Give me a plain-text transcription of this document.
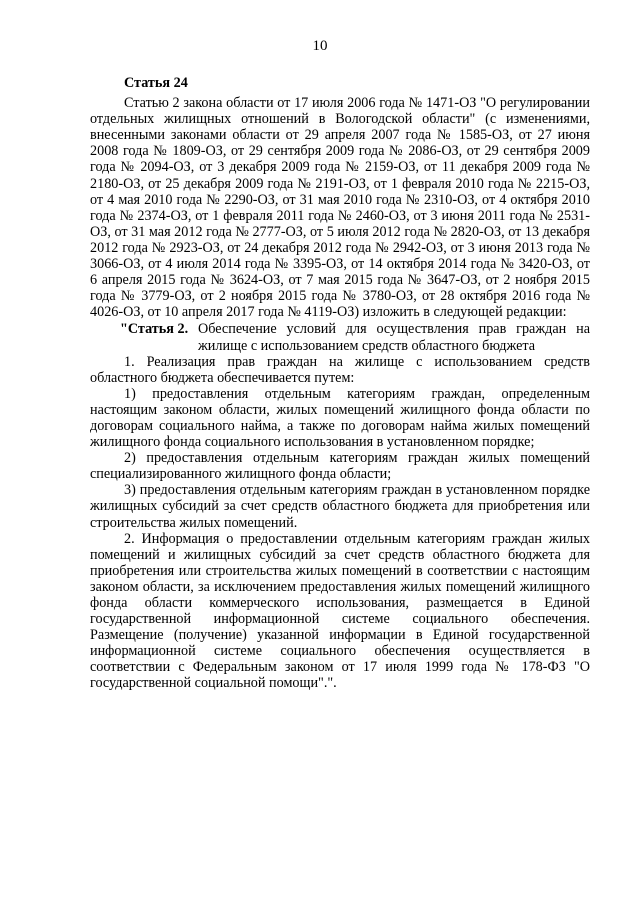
10
Статья 24

Статью 2 закона области от 17 июля 2006 года № 1471-ОЗ "О регулировании отдельных жилищных отношений в Вологодской области" (с изменениями, внесенными законами области от 29 апреля 2007 года № 1585-ОЗ, от 27 июня 2008 года № 1809-ОЗ, от 29 сентября 2009 года № 2086-ОЗ, от 29 сентября 2009 года № 2094-ОЗ, от 3 декабря 2009 года № 2159-ОЗ, от 11 декабря 2009 года № 2180-ОЗ, от 25 декабря 2009 года № 2191-ОЗ, от 1 февраля 2010 года № 2215-ОЗ, от 4 мая 2010 года № 2290-ОЗ, от 31 мая 2010 года № 2310-ОЗ, от 4 октября 2010 года № 2374-ОЗ, от 1 февраля 2011 года № 2460-ОЗ, от 3 июня 2011 года № 2531-ОЗ, от 31 мая 2012 года № 2777-ОЗ, от 5 июля 2012 года № 2820-ОЗ, от 13 декабря 2012 года № 2923-ОЗ, от 24 декабря 2012 года № 2942-ОЗ, от 3 июня 2013 года № 3066-ОЗ, от 4 июля 2014 года № 3395-ОЗ, от 14 октября 2014 года № 3420-ОЗ, от 6 апреля 2015 года № 3624-ОЗ, от 7 мая 2015 года № 3647-ОЗ, от 2 ноября 2015 года № 3779-ОЗ, от 2 ноября 2015 года № 3780-ОЗ, от 28 октября 2016 года № 4026-ОЗ, от 10 апреля 2017 года № 4119-ОЗ) изложить в следующей редакции:

"Статья 2. Обеспечение условий для осуществления прав граждан на жилище с использованием средств областного бюджета

1. Реализация прав граждан на жилище с использованием средств областного бюджета обеспечивается путем:

1) предоставления отдельным категориям граждан, определенным настоящим законом области, жилых помещений жилищного фонда области по договорам социального найма, а также по договорам найма жилых помещений жилищного фонда социального использования в установленном порядке;

2) предоставления отдельным категориям граждан жилых помещений специализированного жилищного фонда области;

3) предоставления отдельным категориям граждан в установленном порядке жилищных субсидий за счет средств областного бюджета для приобретения или строительства жилых помещений.

2. Информация о предоставлении отдельным категориям граждан жилых помещений и жилищных субсидий за счет средств областного бюджета для приобретения или строительства жилых помещений в соответствии с настоящим законом области, за исключением предоставления жилых помещений жилищного фонда области коммерческого использования, размещается в Единой государственной информационной системе социального обеспечения. Размещение (получение) указанной информации в Единой государственной информационной системе социального обеспечения осуществляется в соответствии с Федеральным законом от 17 июля 1999 года № 178-ФЗ "О государственной социальной помощи".".
